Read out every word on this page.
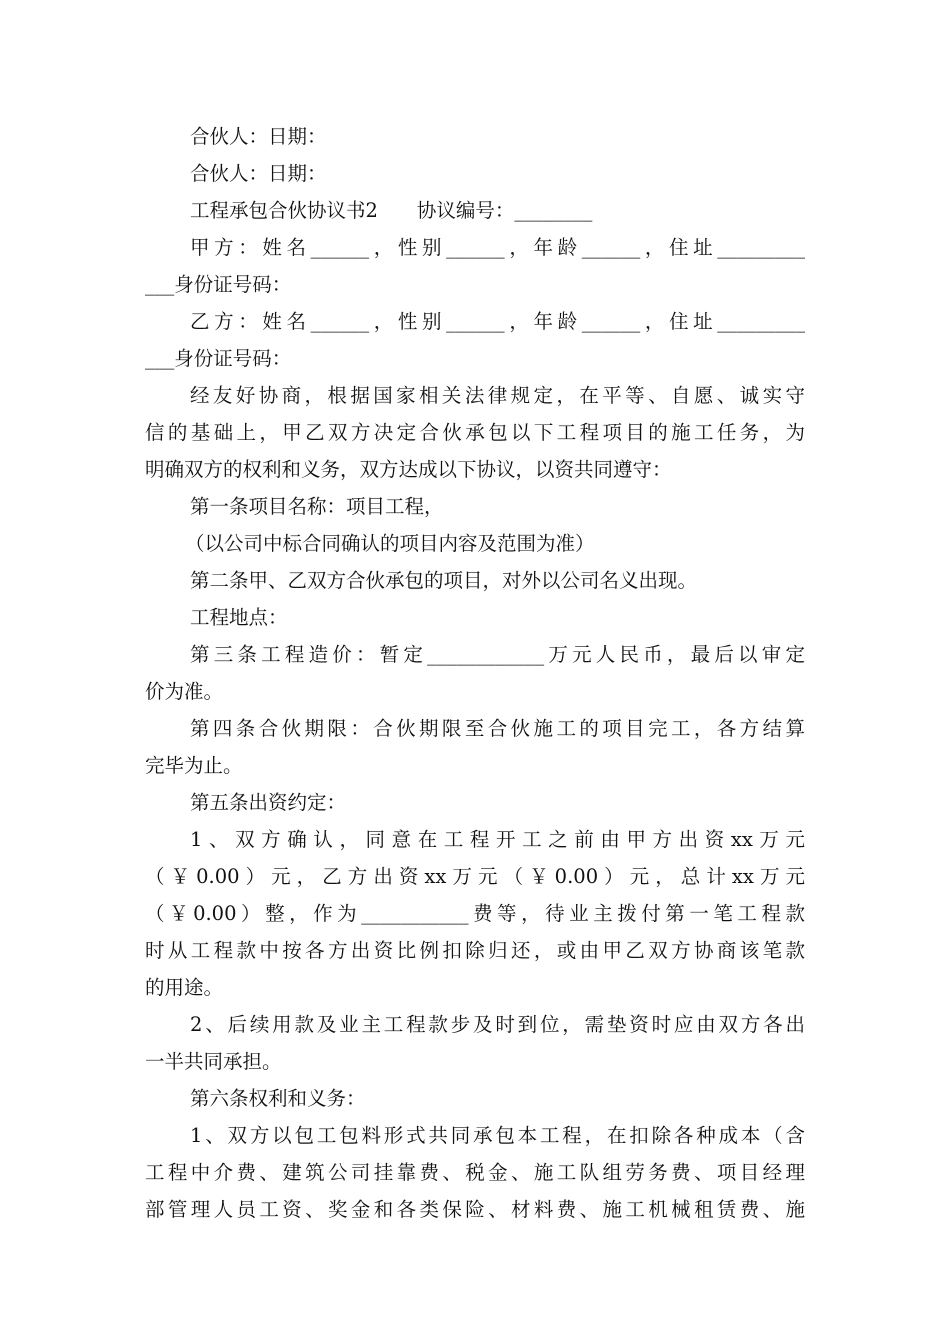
合伙人：日期：
合伙人：日期：
工程承包合伙协议书2　　协议编号：________
甲方：姓名______，性别______，年龄______，住址_________
___身份证号码：
乙方：姓名______，性别______，年龄______，住址_________
___身份证号码：
经友好协商，根据国家相关法律规定，在平等、自愿、诚实守
信的基础上，甲乙双方决定合伙承包以下工程项目的施工任务，为
明确双方的权利和义务，双方达成以下协议，以资共同遵守：
第一条项目名称：项目工程，
（以公司中标合同确认的项目内容及范围为准）
第二条甲、乙双方合伙承包的项目，对外以公司名义出现。
工程地点：
第三条工程造价：暂定____________万元人民币，最后以审定
价为准。
第四条合伙期限：合伙期限至合伙施工的项目完工，各方结算
完毕为止。
第五条出资约定：
1、双方确认，同意在工程开工之前由甲方出资xx万元
（￥0.00）元，乙方出资xx万元（￥0.00）元，总计xx万元
（￥0.00）整，作为___________费等，待业主拨付第一笔工程款
时从工程款中按各方出资比例扣除归还，或由甲乙双方协商该笔款
的用途。
2、后续用款及业主工程款步及时到位，需垫资时应由双方各出
一半共同承担。
第六条权利和义务：
1、双方以包工包料形式共同承包本工程，在扣除各种成本（含
工程中介费、建筑公司挂靠费、税金、施工队组劳务费、项目经理
部管理人员工资、奖金和各类保险、材料费、施工机械租赁费、施
